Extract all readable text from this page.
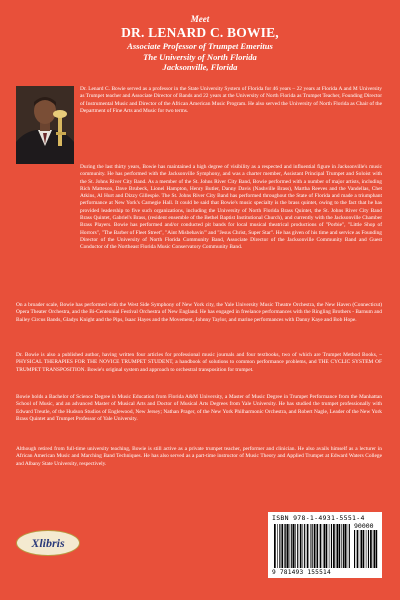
Meet
DR. LENARD C. BOWIE,
Associate Professor of Trumpet Emeritus
The University of North Florida
Jacksonville, Florida
Dr. Lenard C. Bowie served as a professor in the State University System of Florida for 46 years – 22 years at Florida A and M University as Trumpet teacher and Associate Director of Bands and 22 years at the University of North Florida as Trumpet Teacher, Founding Director of Instrumental Music and Director of the African American Music Program. He also served the University of North Florida as Chair of the Department of Fine Arts and Music for two terms.
During the last thirty years, Bowie has maintained a high degree of visibility as a respected and influential figure in Jacksonville's music community. He has performed with the Jacksonville Symphony, and was a charter member, Assistant Principal Trumpet and Soloist with the St. Johns River City Band. As a member of the St. Johns River City Band, Bowie performed with a number of major artists, including Rich Matteson, Dave Brubeck, Lionel Hampton, Henry Butler, Danny Davis (Nashville Brass), Martha Reeves and the Vandellas, Chet Atkins, Al Hurt and Dizzy Gillespie. The St. Johns River City Band has performed throughout the State of Florida and made a triumphant performance at New York's Carnegie Hall. It could be said that Bowie's music specialty is the brass quintet, owing to the fact that he has provided leadership to five such organizations, including the University of North Florida Brass Quintet, the St. Johns River City Band Brass Quintet, Gabriel's Brass, (resident ensemble of the Bethel Baptist Institutional Church), and currently with the Jacksonville Chamber Brass Players. Bowie has performed and/or conducted pit bands for local musical theatrical productions of "Porbie", "Little Shop of Horrors", "The Barber of Fleet Street", "Aint Misbehavin'" and "Jesus Christ, Super Star". He has given of his time and service as Founding Director of the University of North Florida Community Band, Associate Director of the Jacksonville Community Band and Guest Conductor of the Northeast Florida Music Conservatory Community Band.
On a broader scale, Bowie has performed with the West Side Symphony of New York city, the Yale University Music Theatre Orchestra, the New Haven (Connecticut) Opera Theater Orchestra, and the Bi-Centennial Festival Orchestra of New England. He has engaged in freelance performances with the Ringling Brothers - Barnum and Bailey Circus Bands, Gladys Knight and the Pips, Isaac Hayes and the Movement, Johnny Taylor, and marine performances with Danny Kaye and Bob Hope.
Dr. Bowie is also a published author, having written four articles for professional music journals and four textbooks, two of which are Trumpet Method Books, – PHYSICAL THERAPIES FOR THE NOVICE TRUMPET STUDENT, a handbook of solutions to common performance problems, and THE CYCLIC SYSTEM OF TRUMPET TRANSPOSITION. Bowie's original system and approach to orchestral transposition for trumpet.
Bowie holds a Bachelor of Science Degree in Music Education from Florida A&M University, a Master of Music Degree in Trumpet Performance from the Manhattan School of Music, and an advanced Master of Musical Arts and Doctor of Musical Arts Degrees from Yale University. He has studied the trumpet professionally with Edward Treutle, of the Hudson Studios of Englewood, New Jersey; Nathan Prager, of the New York Philharmonic Orchestra, and Robert Nagle, Leader of the New York Brass Quintet and Trumpet Professor of Yale University.
Although retired from full-time university teaching, Bowie is still active as a private trumpet teacher, performer and clinician. He also avails himself as a lecturer in African American Music and Marching Band Techniques. He has also served as a part-time instructor of Music Theory and Applied Trumpet at Edward Waters College and Albany State University, respectively.
Xlibris
ISBN 978-1-4931-5551-4
90000
9 781493 155514
